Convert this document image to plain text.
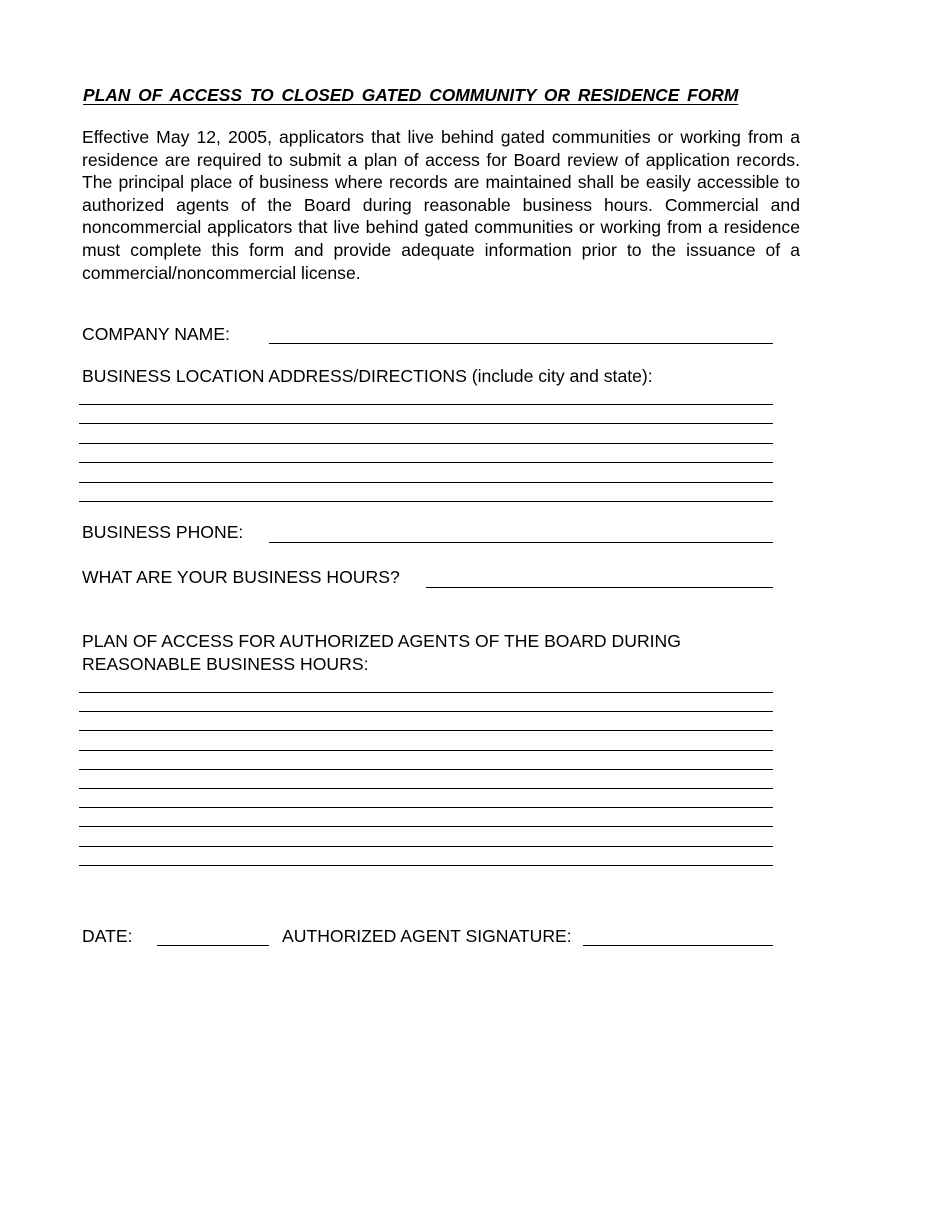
PLAN OF ACCESS TO CLOSED GATED COMMUNITY OR RESIDENCE FORM

Effective May 12, 2005, applicators that live behind gated communities or working from a residence are required to submit a plan of access for Board review of application records. The principal place of business where records are maintained shall be easily accessible to authorized agents of the Board during reasonable business hours. Commercial and noncommercial applicators that live behind gated communities or working from a residence must complete this form and provide adequate information prior to the issuance of a commercial/noncommercial license.

COMPANY NAME:
BUSINESS LOCATION ADDRESS/DIRECTIONS (include city and state):
BUSINESS PHONE:
WHAT ARE YOUR BUSINESS HOURS?
PLAN OF ACCESS FOR AUTHORIZED AGENTS OF THE BOARD DURING
REASONABLE BUSINESS HOURS:
DATE:	AUTHORIZED AGENT SIGNATURE:
